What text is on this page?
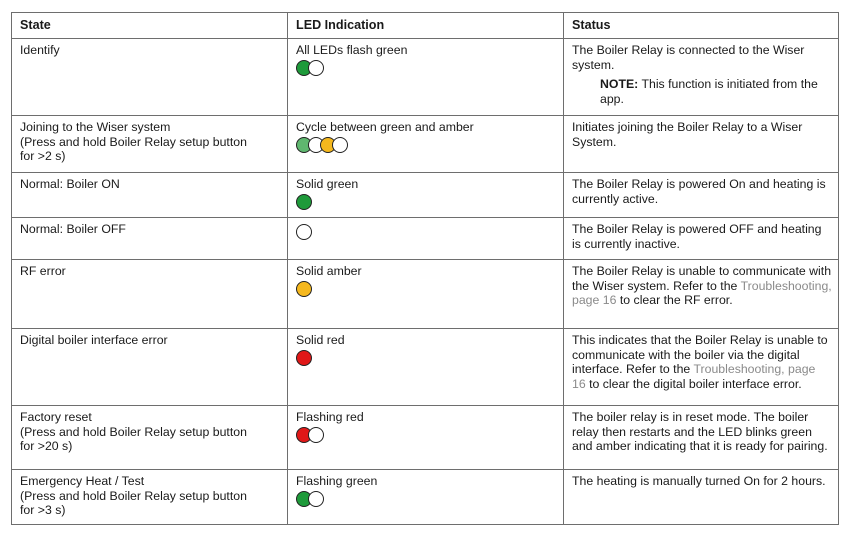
State	LED Indication	Status

Identify	All LEDs flash green	The Boiler Relay is connected to the Wiser system.
NOTE: This function is initiated from the app.

Joining to the Wiser system
(Press and hold Boiler Relay setup button
for >2 s)	Cycle between green and amber	Initiates joining the Boiler Relay to a Wiser System.

Normal: Boiler ON	Solid green	The Boiler Relay is powered On and heating is currently active.

Normal: Boiler OFF		The Boiler Relay is powered OFF and heating is currently inactive.

RF error	Solid amber	The Boiler Relay is unable to communicate with the Wiser system. Refer to the Troubleshooting, page 16 to clear the RF error.

Digital boiler interface error	Solid red	This indicates that the Boiler Relay is unable to communicate with the boiler via the digital interface. Refer to the Troubleshooting, page 16 to clear the digital boiler interface error.

Factory reset
(Press and hold Boiler Relay setup button
for >20 s)	Flashing red	The boiler relay is in reset mode. The boiler relay then restarts and the LED blinks green and amber indicating that it is ready for pairing.

Emergency Heat / Test
(Press and hold Boiler Relay setup button
for >3 s)	Flashing green	The heating is manually turned On for 2 hours.
